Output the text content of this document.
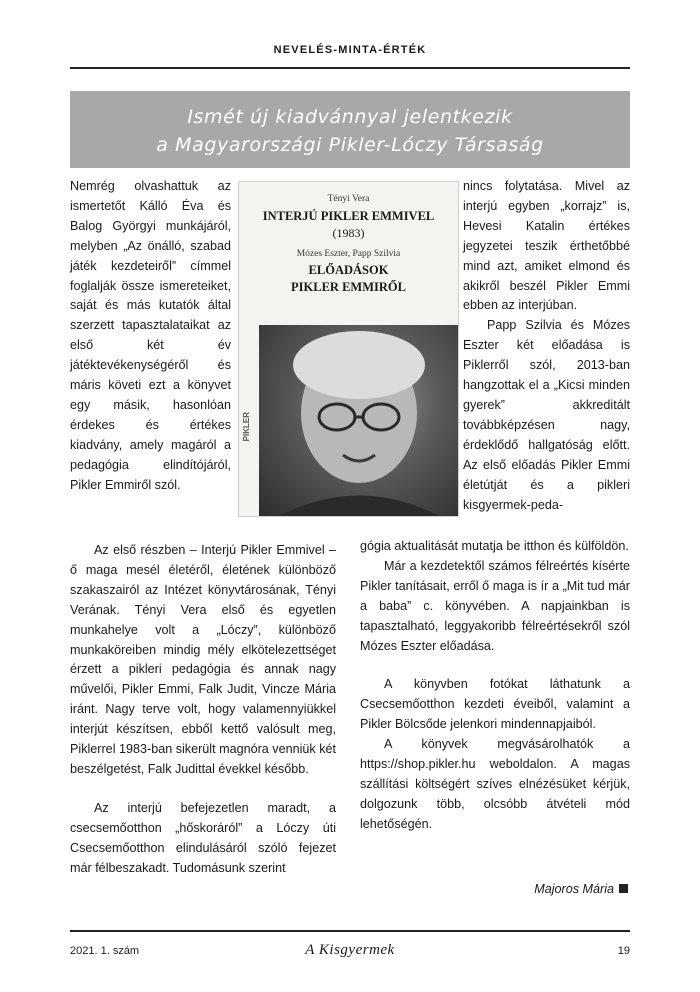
NEVELÉS-MINTA-ÉRTÉK
Ismét új kiadvánnyal jelentkezik
a Magyarországi Pikler-Lóczy Társaság
Tényi Vera
INTERJÚ PIKLER EMMIVEL
(1983)
Mózes Eszter, Papp Szilvia
ELŐADÁSOK
PIKLER EMMIRŐL
PIKLER

Nemrég olvashattuk az ismertetőt Kálló Éva és Balog Györgyi munkájáról, melyben „Az önálló, szabad játék kezdeteiről” címmel foglalják össze ismereteiket, saját és más kutatók által szerzett tapasztalataikat az első két év játéktevékenységéről és máris követi ezt a könyvet egy másik, hasonlóan érdekes és értékes kiadvány, amely magáról a pedagógia elindítójáról, Pikler Emmiről szól.

nincs folytatása. Mivel az interjú egyben „korrajz” is, Hevesi Katalin értékes jegyzetei teszik érthetőbbé mind azt, amiket elmond és akikről beszél Pikler Emmi ebben az interjúban.

Papp Szilvia és Mózes Eszter két előadása is Piklerről szól, 2013-ban hangzottak el a „Kicsi minden gyerek” akkreditált továbbképzésen nagy, érdeklődő hallgatóság előtt. Az első előadás Pikler Emmi életútját és a pikleri kisgyermek-peda-

Az első részben – Interjú Pikler Emmivel – ő maga mesél életéről, életének különböző szakaszairól az Intézet könyvtárosának, Tényi Verának. Tényi Vera első és egyetlen munkahelye volt a „Lóczy”, különböző munkaköreiben mindig mély elkötelezettséget érzett a pikleri pedagógia és annak nagy művelői, Pikler Emmi, Falk Judit, Vincze Mária iránt. Nagy terve volt, hogy valamennyiükkel interjút készítsen, ebből kettő valósult meg, Piklerrel 1983-ban sikerült magnóra venniük két beszélgetést, Falk Judittal évekkel később.

Az interjú befejezetlen maradt, a csecsemőotthon „hőskoráról” a Lóczy úti Csecsemőotthon elindulásáról szóló fejezet már félbeszakadt. Tudomásunk szerint

gógia aktualitását mutatja be itthon és külföldön.

Már a kezdetektől számos félreértés kísérte Pikler tanításait, erről ő maga is ír a „Mit tud már a baba” c. könyvében. A napjainkban is tapasztalható, leggyakoribb félreértésekről szól Mózes Eszter előadása.

A könyvben fotókat láthatunk a Csecsemőotthon kezdeti éveiből, valamint a Pikler Bölcsőde jelenkori mindennapjaiból.

A könyvek megvásárolhatók a https://shop.pikler.hu weboldalon. A magas szállítási költségért szíves elnézésüket kérjük, dolgozunk több, olcsóbb átvételi mód lehetőségén.

Majoros Mária
2021. 1. szám	A Kisgyermek	19
